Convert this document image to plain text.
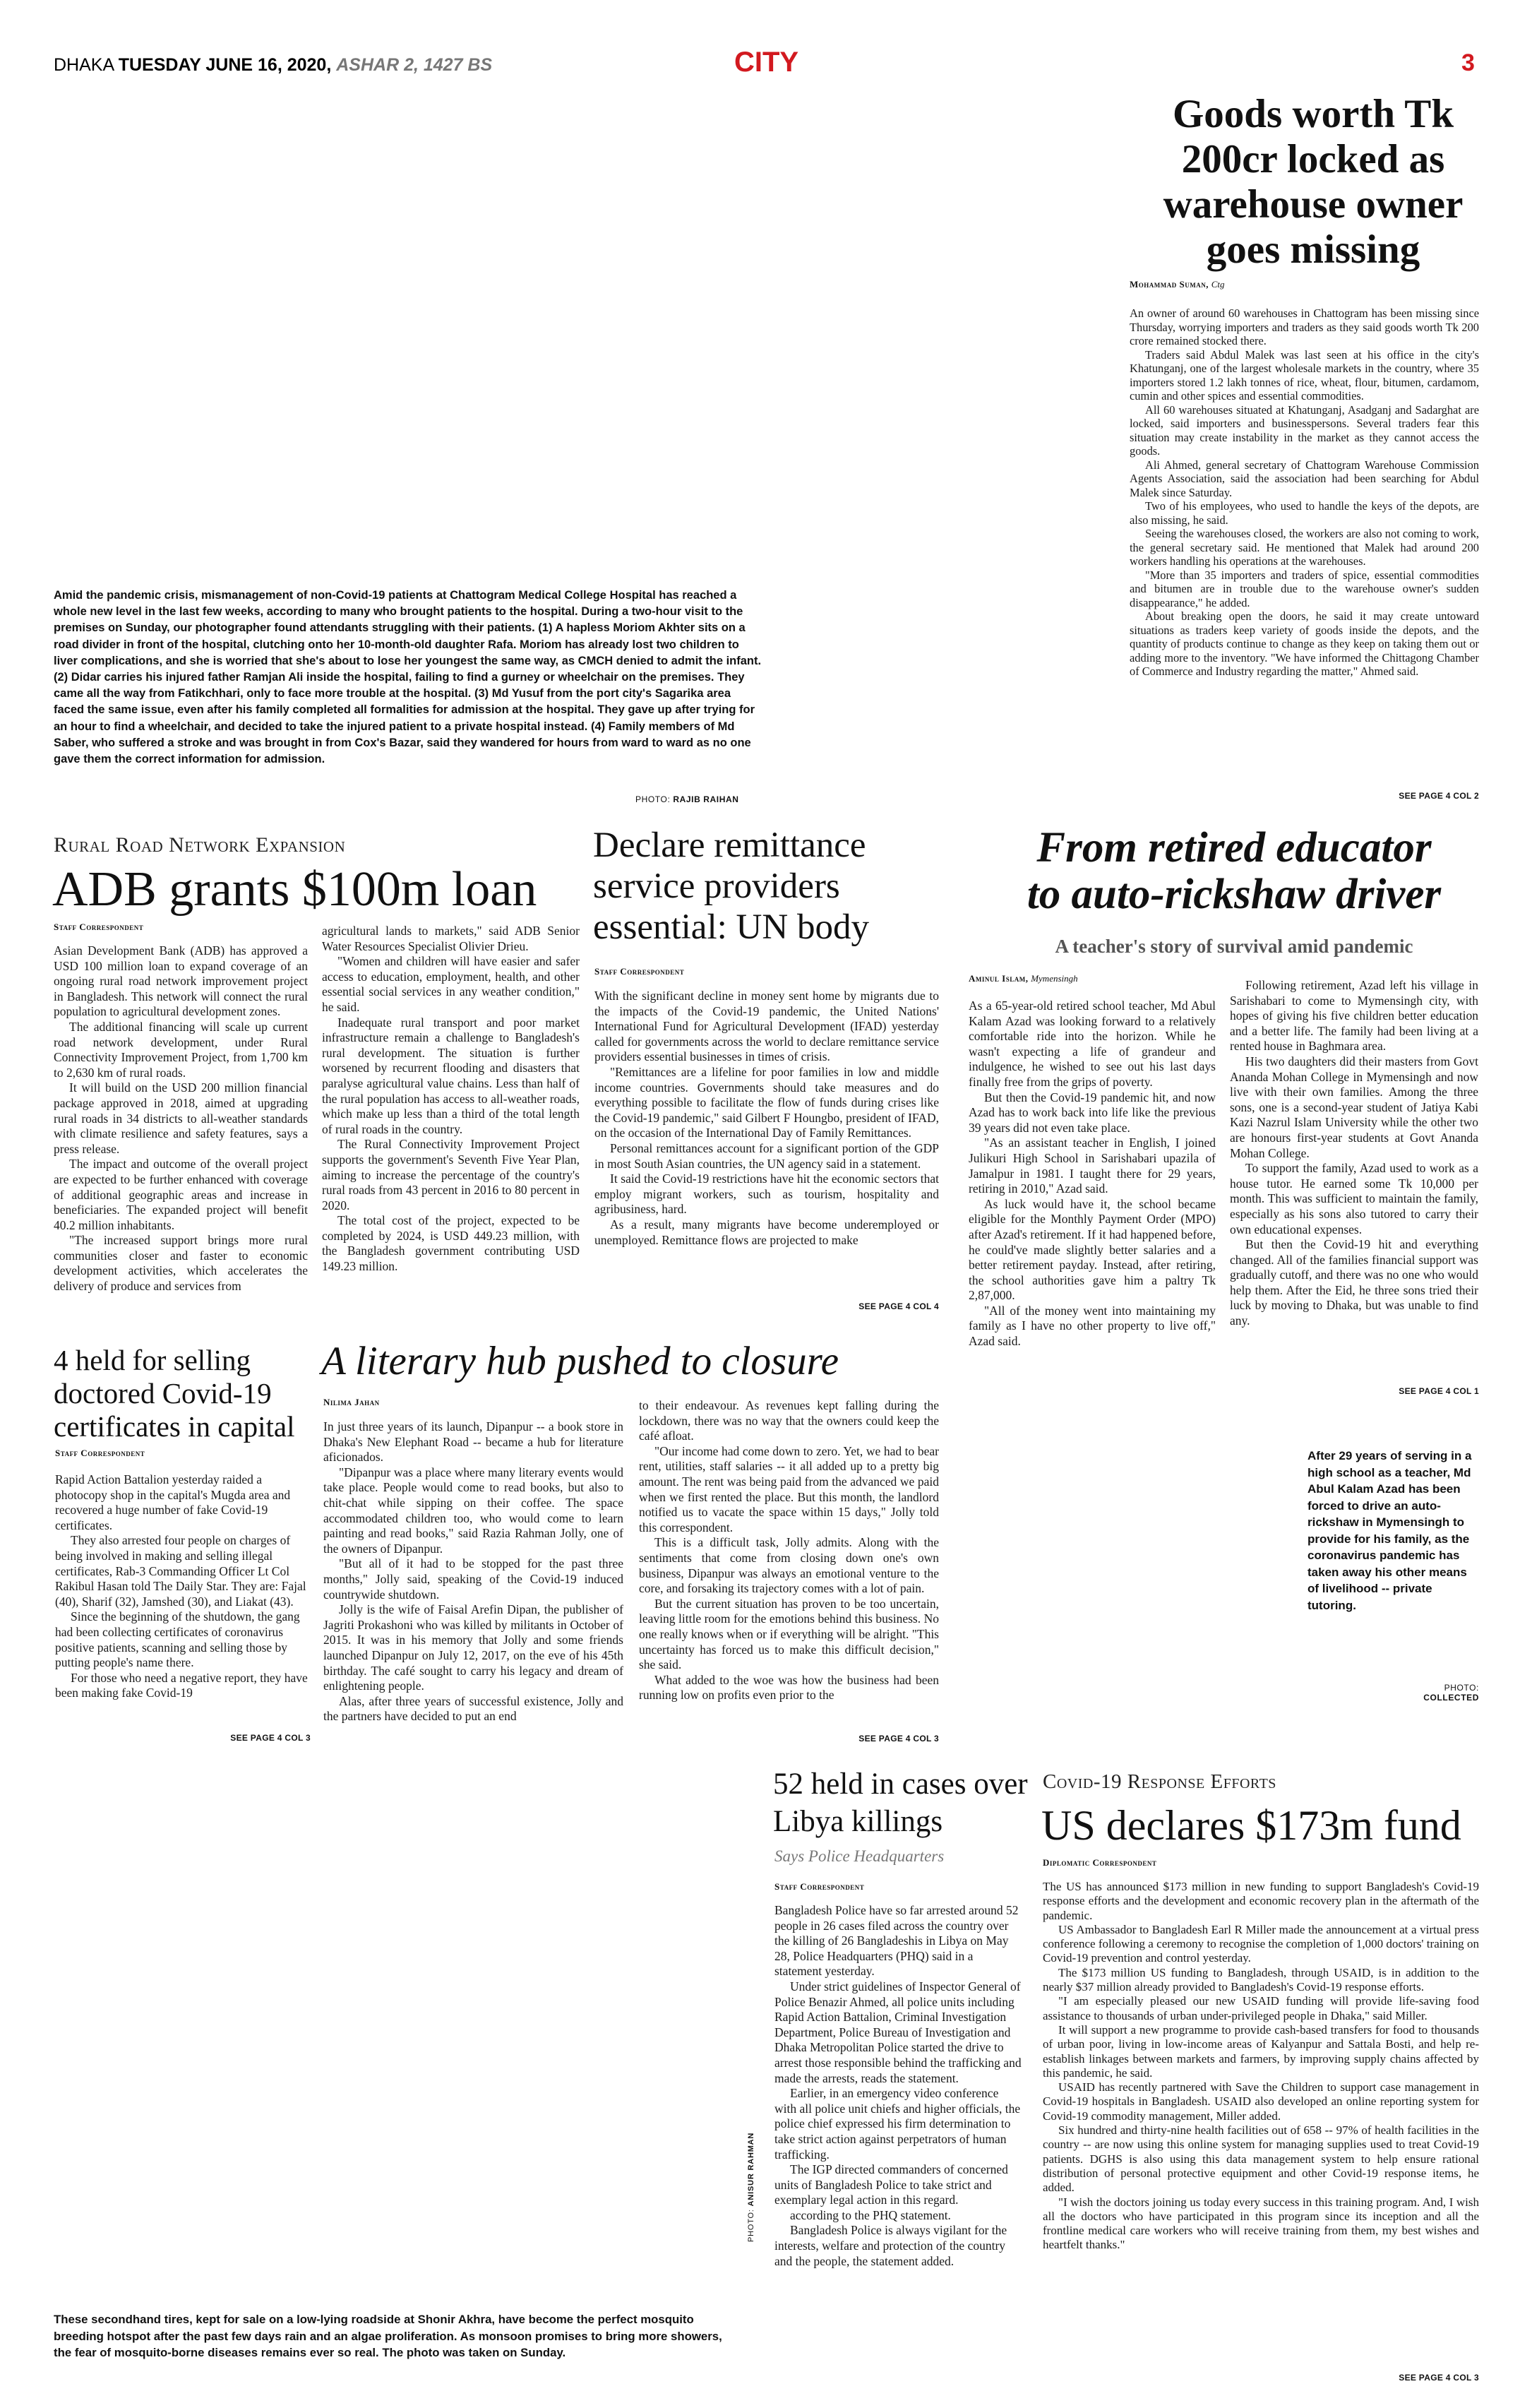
DHAKA TUESDAY JUNE 16, 2020, ASHAR 2, 1427 BS	CITY	3
Goods worth Tk 200cr locked as warehouse owner goes missing
Mohammad Suman, Ctg

An owner of around 60 warehouses in Chattogram has been missing since Thursday, worrying importers and traders as they said goods worth Tk 200 crore remained stocked there.

Traders said Abdul Malek was last seen at his office in the city's Khatunganj, one of the largest wholesale markets in the country, where 35 importers stored 1.2 lakh tonnes of rice, wheat, flour, bitumen, cardamom, cumin and other spices and essential commodities.

All 60 warehouses situated at Khatunganj, Asadganj and Sadarghat are locked, said importers and businesspersons. Several traders fear this situation may create instability in the market as they cannot access the goods.

Ali Ahmed, general secretary of Chattogram Warehouse Commission Agents Association, said the association had been searching for Abdul Malek since Saturday.

Two of his employees, who used to handle the keys of the depots, are also missing, he said.

Seeing the warehouses closed, the workers are also not coming to work, the general secretary said. He mentioned that Malek had around 200 workers handling his operations at the warehouses.

"More than 35 importers and traders of spice, essential commodities and bitumen are in trouble due to the warehouse owner's sudden disappearance," he added.

About breaking open the doors, he said it may create untoward situations as traders keep variety of goods inside the depots, and the quantity of products continue to change as they keep on taking them out or adding more to the inventory. "We have informed the Chittagong Chamber of Commerce and Industry regarding the matter," Ahmed said.

SEE PAGE 4 COL 2
Amid the pandemic crisis, mismanagement of non-Covid-19 patients at Chattogram Medical College Hospital has reached a whole new level in the last few weeks, according to many who brought patients to the hospital. During a two-hour visit to the premises on Sunday, our photographer found attendants struggling with their patients. (1) A hapless Moriom Akhter sits on a road divider in front of the hospital, clutching onto her 10-month-old daughter Rafa. Moriom has already lost two children to liver complications, and she is worried that she's about to lose her youngest the same way, as CMCH denied to admit the infant. (2) Didar carries his injured father Ramjan Ali inside the hospital, failing to find a gurney or wheelchair on the premises. They came all the way from Fatikchhari, only to face more trouble at the hospital. (3) Md Yusuf from the port city's Sagarika area faced the same issue, even after his family completed all formalities for admission at the hospital. They gave up after trying for an hour to find a wheelchair, and decided to take the injured patient to a private hospital instead. (4) Family members of Md Saber, who suffered a stroke and was brought in from Cox's Bazar, said they wandered for hours from ward to ward as no one gave them the correct information for admission.
PHOTO: RAJIB RAIHAN
Rural Road Network Expansion
ADB grants $100m loan
Staff Correspondent

Asian Development Bank (ADB) has approved a USD 100 million loan to expand coverage of an ongoing rural road network improvement project in Bangladesh. This network will connect the rural population to agricultural development zones.

The additional financing will scale up current road network development, under Rural Connectivity Improvement Project, from 1,700 km to 2,630 km of rural roads.

It will build on the USD 200 million financial package approved in 2018, aimed at upgrading rural roads in 34 districts to all-weather standards with climate resilience and safety features, says a press release.

The impact and outcome of the overall project are expected to be further enhanced with coverage of additional geographic areas and increase in beneficiaries. The expanded project will benefit 40.2 million inhabitants.

"The increased support brings more rural communities closer and faster to economic development activities, which accelerates the delivery of produce and services from

agricultural lands to markets," said ADB Senior Water Resources Specialist Olivier Drieu.

"Women and children will have easier and safer access to education, employment, health, and other essential social services in any weather condition," he said.

Inadequate rural transport and poor market infrastructure remain a challenge to Bangladesh's rural development. The situation is further worsened by recurrent flooding and disasters that paralyse agricultural value chains. Less than half of the rural population has access to all-weather roads, which make up less than a third of the total length of rural roads in the country.

The Rural Connectivity Improvement Project supports the government's Seventh Five Year Plan, aiming to increase the percentage of the country's rural roads from 43 percent in 2016 to 80 percent in 2020.

The total cost of the project, expected to be completed by 2024, is USD 449.23 million, with the Bangladesh government contributing USD 149.23 million.

Declare remittance service providers essential: UN body
Staff Correspondent

With the significant decline in money sent home by migrants due to the impacts of the Covid-19 pandemic, the United Nations' International Fund for Agricultural Development (IFAD) yesterday called for governments across the world to declare remittance service providers essential businesses in times of crisis.

"Remittances are a lifeline for poor families in low and middle income countries. Governments should take measures and do everything possible to facilitate the flow of funds during crises like the Covid-19 pandemic," said Gilbert F Houngbo, president of IFAD, on the occasion of the International Day of Family Remittances.

Personal remittances account for a significant portion of the GDP in most South Asian countries, the UN agency said in a statement.

It said the Covid-19 restrictions have hit the economic sectors that employ migrant workers, such as tourism, hospitality and agribusiness, hard.

As a result, many migrants have become underemployed or unemployed. Remittance flows are projected to make

SEE PAGE 4 COL 4
From retired educator
to auto-rickshaw driver
A teacher's story of survival amid pandemic
Aminul Islam, Mymensingh

As a 65-year-old retired school teacher, Md Abul Kalam Azad was looking forward to a relatively comfortable ride into the horizon. While he wasn't expecting a life of grandeur and indulgence, he wished to see out his last days finally free from the grips of poverty.

But then the Covid-19 pandemic hit, and now Azad has to work back into life like the previous 39 years did not even take place.

"As an assistant teacher in English, I joined Julikuri High School in Sarishabari upazila of Jamalpur in 1981. I taught there for 29 years, retiring in 2010," Azad said.

As luck would have it, the school became eligible for the Monthly Payment Order (MPO) after Azad's retirement. If it had happened before, he could've made slightly better salaries and a better retirement payday. Instead, after retiring, the school authorities gave him a paltry Tk 2,87,000.

"All of the money went into maintaining my family as I have no other property to live off," Azad said.

Following retirement, Azad left his village in Sarishabari to come to Mymensingh city, with hopes of giving his five children better education and a better life. The family had been living at a rented house in Baghmara area.

His two daughters did their masters from Govt Ananda Mohan College in Mymensingh and now live with their own families. Among the three sons, one is a second-year student of Jatiya Kabi Kazi Nazrul Islam University while the other two are honours first-year students at Govt Ananda Mohan College.

To support the family, Azad used to work as a house tutor. He earned some Tk 10,000 per month. This was sufficient to maintain the family, especially as his sons also tutored to carry their own educational expenses.

But then the Covid-19 hit and everything changed. All of the families financial support was gradually cutoff, and there was no one who would help them. After the Eid, he three sons tried their luck by moving to Dhaka, but was unable to find any.

SEE PAGE 4 COL 1
After 29 years of serving in a high school as a teacher, Md Abul Kalam Azad has been forced to drive an auto-rickshaw in Mymensingh to provide for his family, as the coronavirus pandemic has taken away his other means of livelihood -- private tutoring.
PHOTO:
COLLECTED
4 held for selling doctored Covid-19 certificates in capital
Staff Correspondent

Rapid Action Battalion yesterday raided a photocopy shop in the capital's Mugda area and recovered a huge number of fake Covid-19 certificates.

They also arrested four people on charges of being involved in making and selling illegal certificates, Rab-3 Commanding Officer Lt Col Rakibul Hasan told The Daily Star. They are: Fajal (40), Sharif (32), Jamshed (30), and Liakat (43).

Since the beginning of the shutdown, the gang had been collecting certificates of coronavirus positive patients, scanning and selling those by putting people's name there.

For those who need a negative report, they have been making fake Covid-19

SEE PAGE 4 COL 3
A literary hub pushed to closure
Nilima Jahan

In just three years of its launch, Dipanpur -- a book store in Dhaka's New Elephant Road -- became a hub for literature aficionados.

"Dipanpur was a place where many literary events would take place. People would come to read books, but also to chit-chat while sipping on their coffee. The space accommodated children too, who would come to learn painting and read books," said Razia Rahman Jolly, one of the owners of Dipanpur.

"But all of it had to be stopped for the past three months," Jolly said, speaking of the Covid-19 induced countrywide shutdown.

Jolly is the wife of Faisal Arefin Dipan, the publisher of Jagriti Prokashoni who was killed by militants in October of 2015. It was in his memory that Jolly and some friends launched Dipanpur on July 12, 2017, on the eve of his 45th birthday. The café sought to carry his legacy and dream of enlightening people.

Alas, after three years of successful existence, Jolly and the partners have decided to put an end

to their endeavour. As revenues kept falling during the lockdown, there was no way that the owners could keep the café afloat.

"Our income had come down to zero. Yet, we had to bear rent, utilities, staff salaries -- it all added up to a pretty big amount. The rent was being paid from the advanced we paid when we first rented the place. But this month, the landlord notified us to vacate the space within 15 days," Jolly told this correspondent.

This is a difficult task, Jolly admits. Along with the sentiments that come from closing down one's own business, Dipanpur was always an emotional venture to the core, and forsaking its trajectory comes with a lot of pain.

But the current situation has proven to be too uncertain, leaving little room for the emotions behind this business. No one really knows when or if everything will be alright. "This uncertainty has forced us to make this difficult decision," she said.

What added to the woe was how the business had been running low on profits even prior to the

SEE PAGE 4 COL 3
52 held in cases over Libya killings
Says Police Headquarters
Staff Correspondent

Bangladesh Police have so far arrested around 52 people in 26 cases filed across the country over the killing of 26 Bangladeshis in Libya on May 28, Police Headquarters (PHQ) said in a statement yesterday.

Under strict guidelines of Inspector General of Police Benazir Ahmed, all police units including Rapid Action Battalion, Criminal Investigation Department, Police Bureau of Investigation and Dhaka Metropolitan Police started the drive to arrest those responsible behind the trafficking and made the arrests, reads the statement.

Earlier, in an emergency video conference with all police unit chiefs and higher officials, the police chief expressed his firm determination to take strict action against perpetrators of human trafficking.

The IGP directed commanders of concerned units of Bangladesh Police to take strict and exemplary legal action in this regard.

according to the PHQ statement.

Bangladesh Police is always vigilant for the interests, welfare and protection of the country and the people, the statement added.

PHOTO: ANISUR RAHMAN
These secondhand tires, kept for sale on a low-lying roadside at Shonir Akhra, have become the perfect mosquito breeding hotspot after the past few days rain and an algae proliferation. As monsoon promises to bring more showers, the fear of mosquito-borne diseases remains ever so real. The photo was taken on Sunday.
Covid-19 Response Efforts
US declares $173m fund
Diplomatic Correspondent

The US has announced $173 million in new funding to support Bangladesh's Covid-19 response efforts and the development and economic recovery plan in the aftermath of the pandemic.

US Ambassador to Bangladesh Earl R Miller made the announcement at a virtual press conference following a ceremony to recognise the completion of 1,000 doctors' training on Covid-19 prevention and control yesterday.

The $173 million US funding to Bangladesh, through USAID, is in addition to the nearly $37 million already provided to Bangladesh's Covid-19 response efforts.

"I am especially pleased our new USAID funding will provide life-saving food assistance to thousands of urban under-privileged people in Dhaka," said Miller.

It will support a new programme to provide cash-based transfers for food to thousands of urban poor, living in low-income areas of Kalyanpur and Sattala Bosti, and help re-establish linkages between markets and farmers, by improving supply chains affected by this pandemic, he said.

USAID has recently partnered with Save the Children to support case management in Covid-19 hospitals in Bangladesh. USAID also developed an online reporting system for Covid-19 commodity management, Miller added.

Six hundred and thirty-nine health facilities out of 658 -- 97% of health facilities in the country -- are now using this online system for managing supplies used to treat Covid-19 patients. DGHS is also using this data management system to help ensure rational distribution of personal protective equipment and other Covid-19 response items, he added.

"I wish the doctors joining us today every success in this training program. And, I wish all the doctors who have participated in this program since its inception and all the frontline medical care workers who will receive training from them, my best wishes and heartfelt thanks."

SEE PAGE 4 COL 3
